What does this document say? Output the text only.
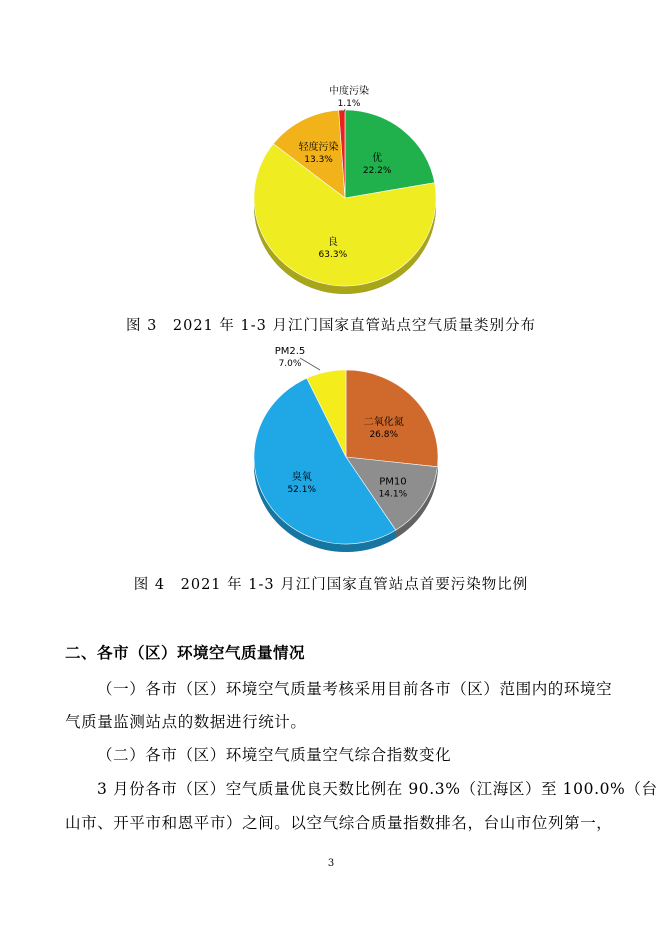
优
22.2%
良
63.3%
轻度污染
13.3%
中度污染
1.1%
图 3　2021 年 1-3 月江门国家直管站点空气质量类别分布
二氧化氮
26.8%
PM10
14.1%
臭氧
52.1%
PM2.5
7.0%
图 4　2021 年 1-3 月江门国家直管站点首要污染物比例
二、各市（区）环境空气质量情况
（一）各市（区）环境空气质量考核采用目前各市（区）范围内的环境空
气质量监测站点的数据进行统计。
（二）各市（区）环境空气质量空气综合指数变化
3 月份各市（区）空气质量优良天数比例在 90.3%（江海区）至 100.0%（台
山市、开平市和恩平市）之间。以空气综合质量指数排名，台山市位列第一，
3
